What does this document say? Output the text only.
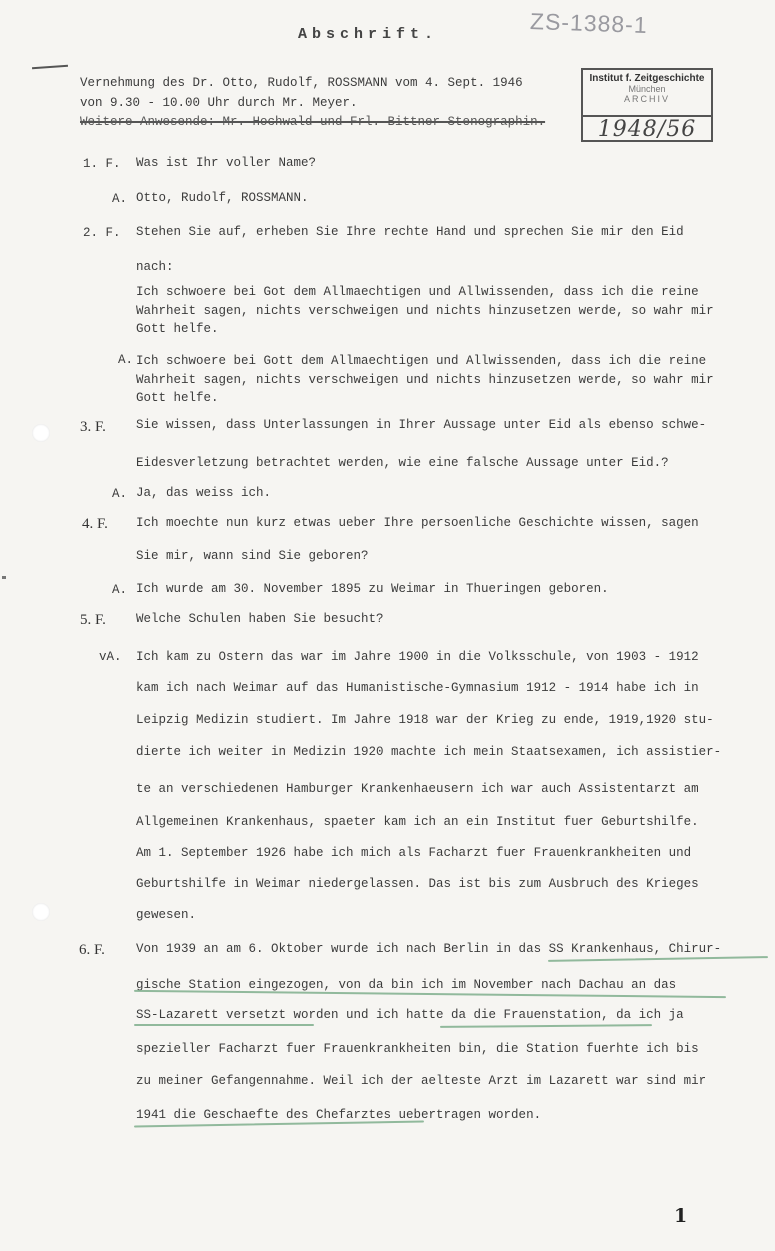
ZS-1388-1
Abschrift.
Vernehmung des Dr. Otto, Rudolf, ROSSMANN vom 4. Sept. 1946
von 9.30 - 10.00 Uhr durch Mr. Meyer.
Weitere Anwesende: Mr. Hochwald und Frl. Bittner Stenographin.
Institut f. Zeitgeschichte
München
ARCHIV
1948/56
1. F. Was ist Ihr voller Name?
A. Otto, Rudolf, ROSSMANN.
2. F. Stehen Sie auf, erheben Sie Ihre rechte Hand und sprechen Sie mir den Eid
nach:
Ich schwoere bei Got dem Allmaechtigen und Allwissenden, dass ich die reine
Wahrheit sagen, nichts verschweigen und nichts hinzusetzen werde, so wahr mir
Gott helfe.
A. Ich schwoere bei Gott dem Allmaechtigen und Allwissenden, dass ich die reine
Wahrheit sagen, nichts verschweigen und nichts hinzusetzen werde, so wahr mir
Gott helfe.
3. F. Sie wissen, dass Unterlassungen in Ihrer Aussage unter Eid als ebenso schwe-
Eidesverletzung betrachtet werden, wie eine falsche Aussage unter Eid.?
A. Ja, das weiss ich.
4. F. Ich moechte nun kurz etwas ueber Ihre persoenliche Geschichte wissen, sagen
Sie mir, wann sind Sie geboren?
A. Ich wurde am 30. November 1895 zu Weimar in Thueringen geboren.
5. F. Welche Schulen haben Sie besucht?
vA. Ich kam zu Ostern das war im Jahre 1900 in die Volksschule, von 1903 - 1912
kam ich nach Weimar auf das Humanistische-Gymnasium 1912 - 1914 habe ich in
Leipzig Medizin studiert. Im Jahre 1918 war der Krieg zu ende, 1919,1920 stu-
dierte ich weiter in Medizin 1920 machte ich mein Staatsexamen, ich assistier-
te an verschiedenen Hamburger Krankenhaeusern ich war auch Assistentarzt am
Allgemeinen Krankenhaus, spaeter kam ich an ein Institut fuer Geburtshilfe.
Am 1. September 1926 habe ich mich als Facharzt fuer Frauenkrankheiten und
Geburtshilfe in Weimar niedergelassen. Das ist bis zum Ausbruch des Krieges
gewesen.
6. F. Von 1939 an am 6. Oktober wurde ich nach Berlin in das SS Krankenhaus, Chirur-
gische Station eingezogen, von da bin ich im November nach Dachau an das
SS-Lazarett versetzt worden und ich hatte da die Frauenstation, da ich ja
spezieller Facharzt fuer Frauenkrankheiten bin, die Station fuerhte ich bis
zu meiner Gefangennahme. Weil ich der aelteste Arzt im Lazarett war sind mir
1941 die Geschaefte des Chefarztes uebertragen worden.
1
